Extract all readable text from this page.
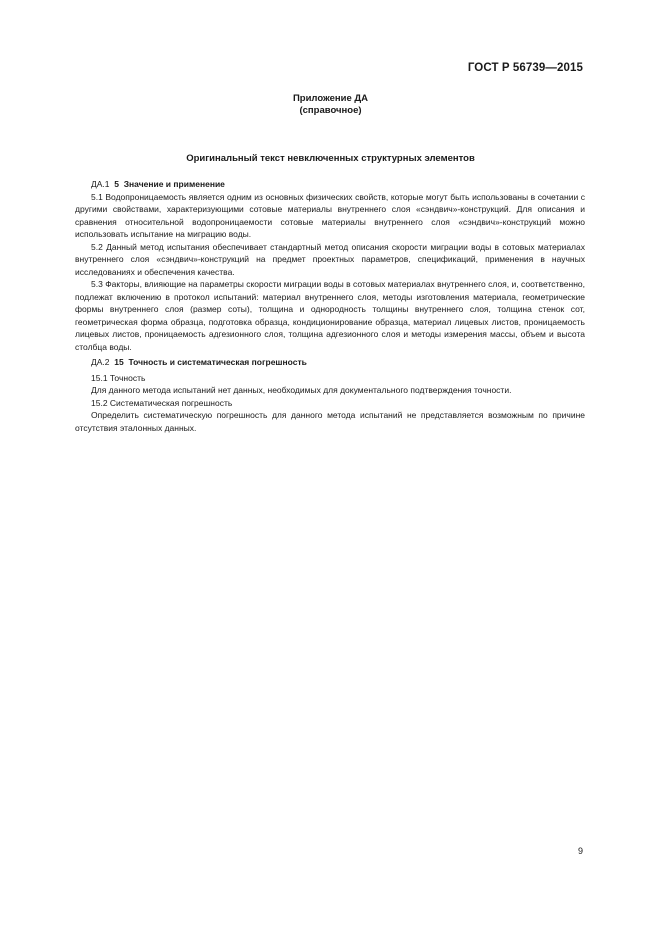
ГОСТ Р 56739—2015
Приложение ДА
(справочное)
Оригинальный текст невключенных структурных элементов

ДА.1 5 Значение и применение

5.1 Водопроницаемость является одним из основных физических свойств, которые могут быть использованы в сочетании с другими свойствами, характеризующими сотовые материалы внутреннего слоя «сэндвич»-конструкций. Для описания и сравнения относительной водопроницаемости сотовые материалы внутреннего слоя «сэндвич»-конструкций можно использовать испытание на миграцию воды.

5.2 Данный метод испытания обеспечивает стандартный метод описания скорости миграции воды в сотовых материалах внутреннего слоя «сэндвич»-конструкций на предмет проектных параметров, спецификаций, применения в научных исследованиях и обеспечения качества.

5.3 Факторы, влияющие на параметры скорости миграции воды в сотовых материалах внутреннего слоя, и, соответственно, подлежат включению в протокол испытаний: материал внутреннего слоя, методы изготовления материала, геометрические формы внутреннего слоя (размер соты), толщина и однородность толщины внутреннего слоя, толщина стенок сот, геометрическая форма образца, подготовка образца, кондиционирование образца, материал лицевых листов, проницаемость лицевых листов, проницаемость адгезионного слоя, толщина адгезионного слоя и методы измерения массы, объем и высота столбца воды.

ДА.2 15 Точность и систематическая погрешность

15.1 Точность

Для данного метода испытаний нет данных, необходимых для документального подтверждения точности.

15.2 Систематическая погрешность

Определить систематическую погрешность для данного метода испытаний не представляется возможным по причине отсутствия эталонных данных.

9
